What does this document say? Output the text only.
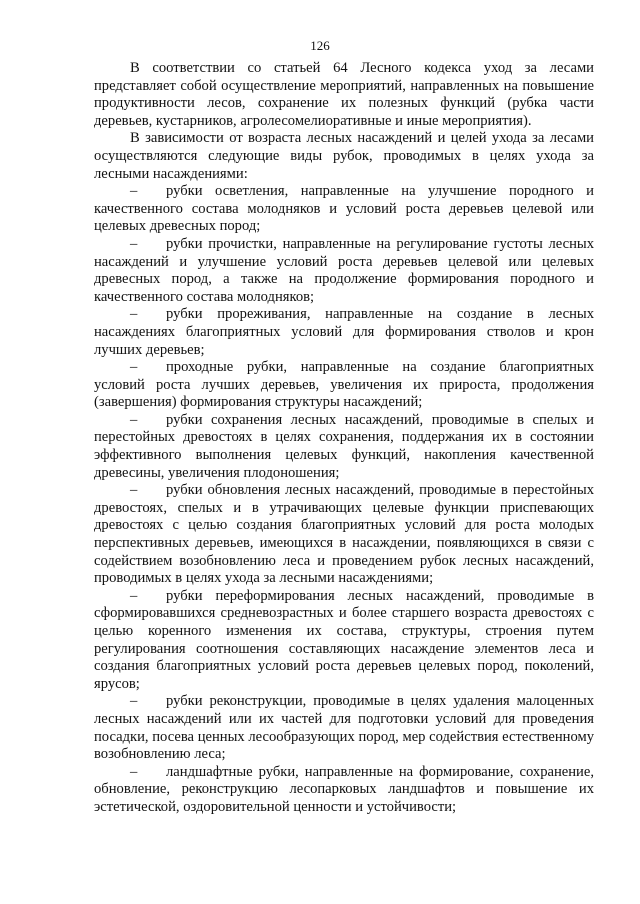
126

В соответствии со статьей 64 Лесного кодекса уход за лесами представляет собой осуществление мероприятий, направленных на повышение продуктивности лесов, сохранение их полезных функций (рубка части деревьев, кустарников, агролесомелиоративные и иные мероприятия).

В зависимости от возраста лесных насаждений и целей ухода за лесами осуществляются следующие виды рубок, проводимых в целях ухода за лесными насаждениями:

– рубки осветления, направленные на улучшение породного и качественного состава молодняков и условий роста деревьев целевой или целевых древесных пород;

– рубки прочистки, направленные на регулирование густоты лесных насаждений и улучшение условий роста деревьев целевой или целевых древесных пород, а также на продолжение формирования породного и качественного состава молодняков;

– рубки прореживания, направленные на создание в лесных насаждениях благоприятных условий для формирования стволов и крон лучших деревьев;

– проходные рубки, направленные на создание благоприятных условий роста лучших деревьев, увеличения их прироста, продолжения (завершения) формирования структуры насаждений;

– рубки сохранения лесных насаждений, проводимые в спелых и перестойных древостоях в целях сохранения, поддержания их в состоянии эффективного выполнения целевых функций, накопления качественной древесины, увеличения плодоношения;

– рубки обновления лесных насаждений, проводимые в перестойных древостоях, спелых и в утрачивающих целевые функции приспевающих древостоях с целью создания благоприятных условий для роста молодых перспективных деревьев, имеющихся в насаждении, появляющихся в связи с содействием возобновлению леса и проведением рубок лесных насаждений, проводимых в целях ухода за лесными насаждениями;

– рубки переформирования лесных насаждений, проводимые в сформировавшихся средневозрастных и более старшего возраста древостоях с целью коренного изменения их состава, структуры, строения путем регулирования соотношения составляющих насаждение элементов леса и создания благоприятных условий роста деревьев целевых пород, поколений, ярусов;

– рубки реконструкции, проводимые в целях удаления малоценных лесных насаждений или их частей для подготовки условий для проведения посадки, посева ценных лесообразующих пород, мер содействия естественному возобновлению леса;

– ландшафтные рубки, направленные на формирование, сохранение, обновление, реконструкцию лесопарковых ландшафтов и повышение их эстетической, оздоровительной ценности и устойчивости;
